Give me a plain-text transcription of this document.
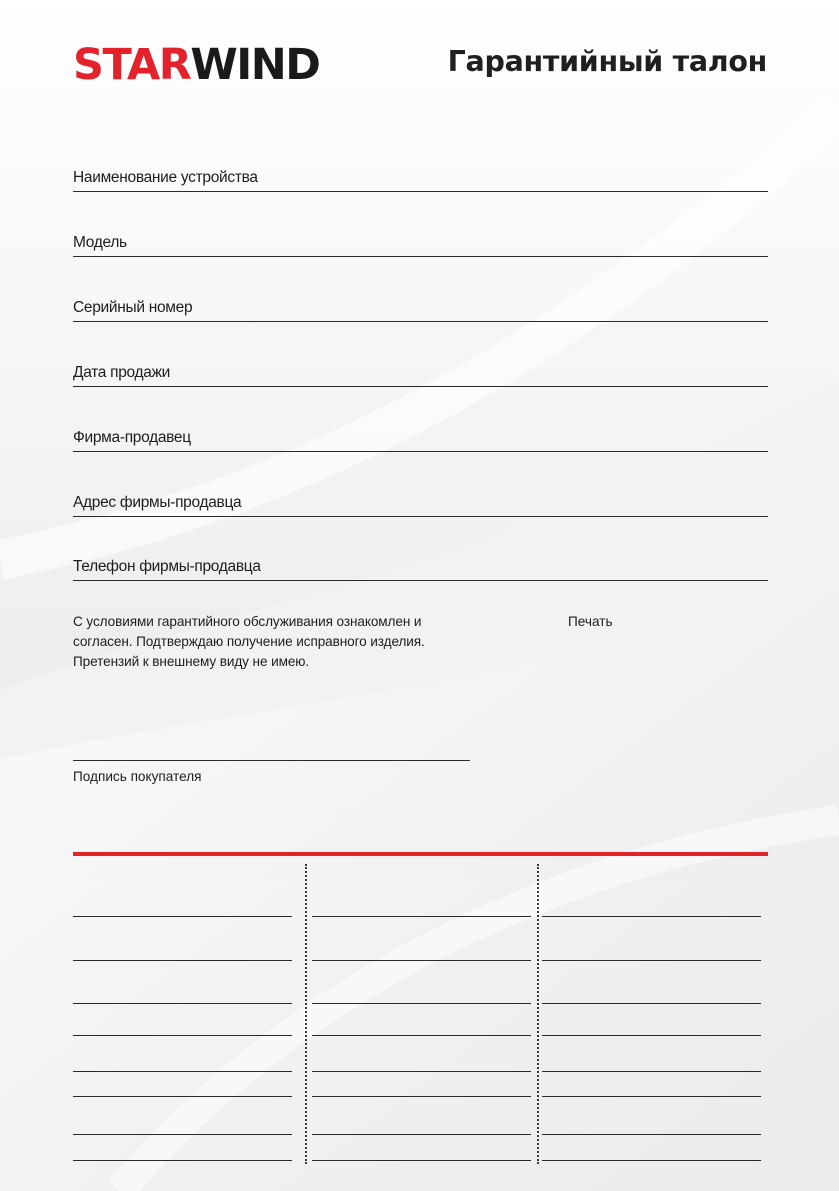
STARWIND	Гарантийный талон
Наименование устройства
Модель
Серийный номер
Дата продажи
Фирма-продавец
Адрес фирмы-продавца
Телефон фирмы-продавца
С условиями гарантийного обслуживания ознакомлен и
согласен. Подтверждаю получение исправного изделия.
Претензий к внешнему виду не имею.
Печать
Подпись покупателя
